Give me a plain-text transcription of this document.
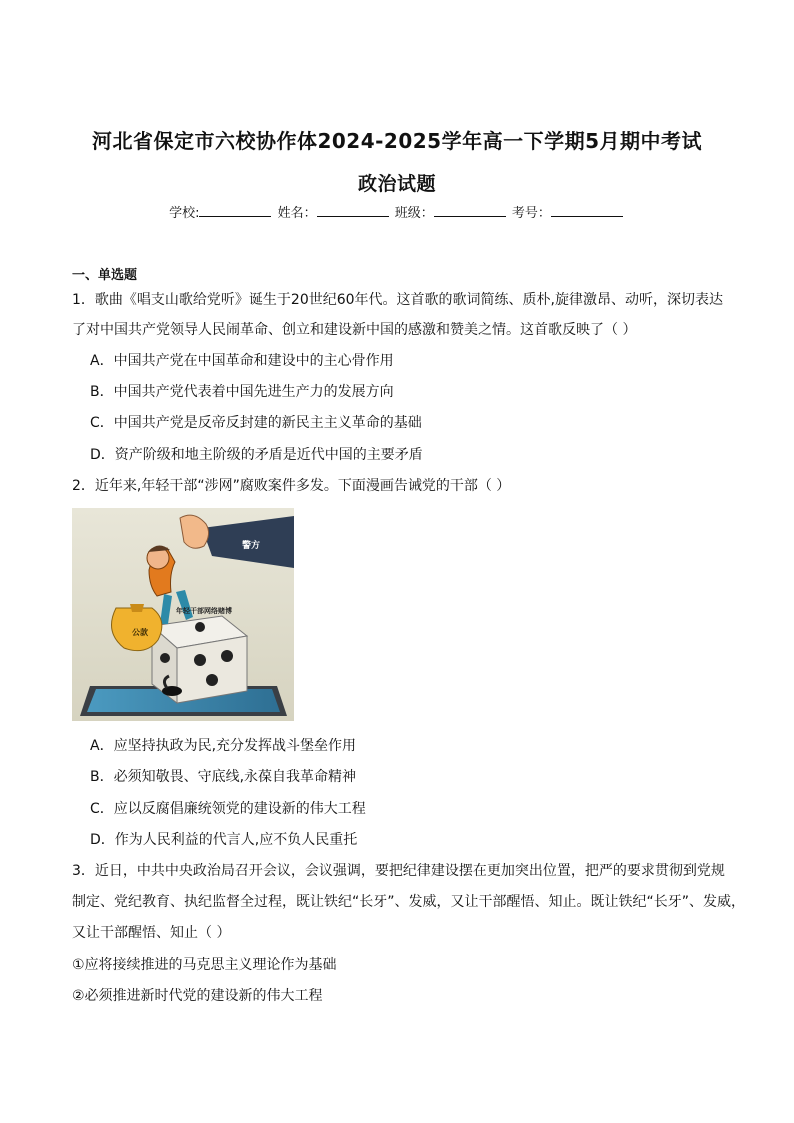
河北省保定市六校协作体2024-2025学年高一下学期5月期中考试
政治试题
学校:	姓名：	班级：	考号：
一、单选题
1．歌曲《唱支山歌给党听》诞生于20世纪60年代。这首歌的歌词简练、质朴,旋律激昂、动听，深切表达
了对中国共产党领导人民闹革命、创立和建设新中国的感激和赞美之情。这首歌反映了（ ）
A．中国共产党在中国革命和建设中的主心骨作用
B．中国共产党代表着中国先进生产力的发展方向
C．中国共产党是反帝反封建的新民主主义革命的基础
D．资产阶级和地主阶级的矛盾是近代中国的主要矛盾
2．近年来,年轻干部“涉网”腐败案件多发。下面漫画告诫党的干部（ ）
警方
公款
年轻干部网络赌博
A．应坚持执政为民,充分发挥战斗堡垒作用
B．必须知敬畏、守底线,永葆自我革命精神
C．应以反腐倡廉统领党的建设新的伟大工程
D．作为人民利益的代言人,应不负人民重托
3．近日，中共中央政治局召开会议，会议强调，要把纪律建设摆在更加突出位置，把严的要求贯彻到党规
制定、党纪教育、执纪监督全过程，既让铁纪“长牙”、发威，又让干部醒悟、知止。既让铁纪“长牙”、发威，
又让干部醒悟、知止（ ）
①应将接续推进的马克思主义理论作为基础
②必须推进新时代党的建设新的伟大工程
